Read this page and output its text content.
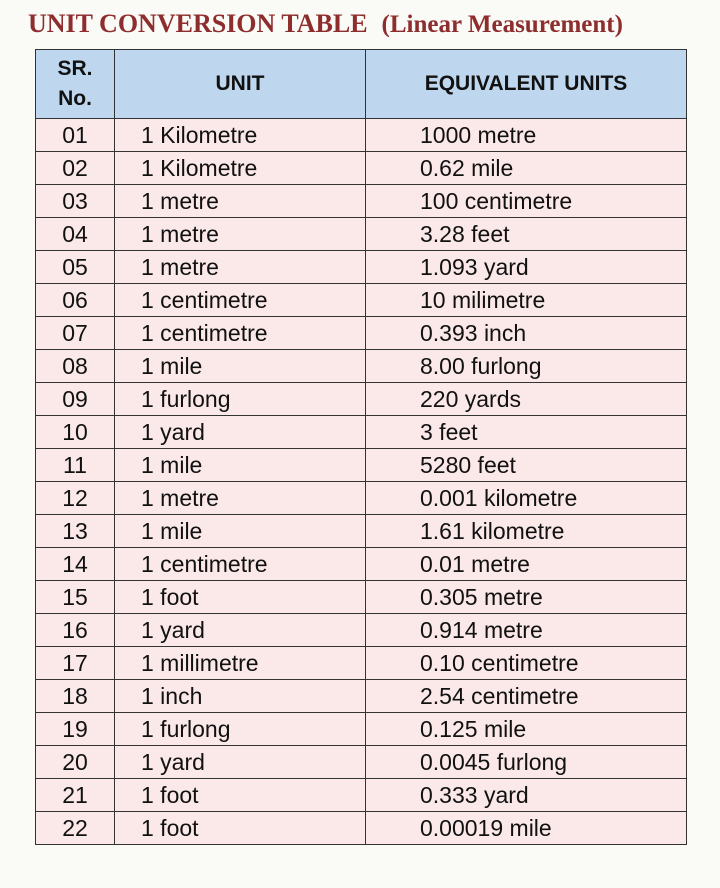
UNIT CONVERSION TABLE (Linear Measurement)
SR.
No.	UNIT	EQUIVALENT UNITS
01	1 Kilometre	1000 metre
02	1 Kilometre	0.62 mile
03	1 metre	100 centimetre
04	1 metre	3.28 feet
05	1 metre	1.093 yard
06	1 centimetre	10 milimetre
07	1 centimetre	0.393 inch
08	1 mile	8.00 furlong
09	1 furlong	220 yards
10	1 yard	3 feet
11	1 mile	5280 feet
12	1 metre	0.001 kilometre
13	1 mile	1.61 kilometre
14	1 centimetre	0.01 metre
15	1 foot	0.305 metre
16	1 yard	0.914 metre
17	1 millimetre	0.10 centimetre
18	1 inch	2.54 centimetre
19	1 furlong	0.125 mile
20	1 yard	0.0045 furlong
21	1 foot	0.333 yard
22	1 foot	0.00019 mile
